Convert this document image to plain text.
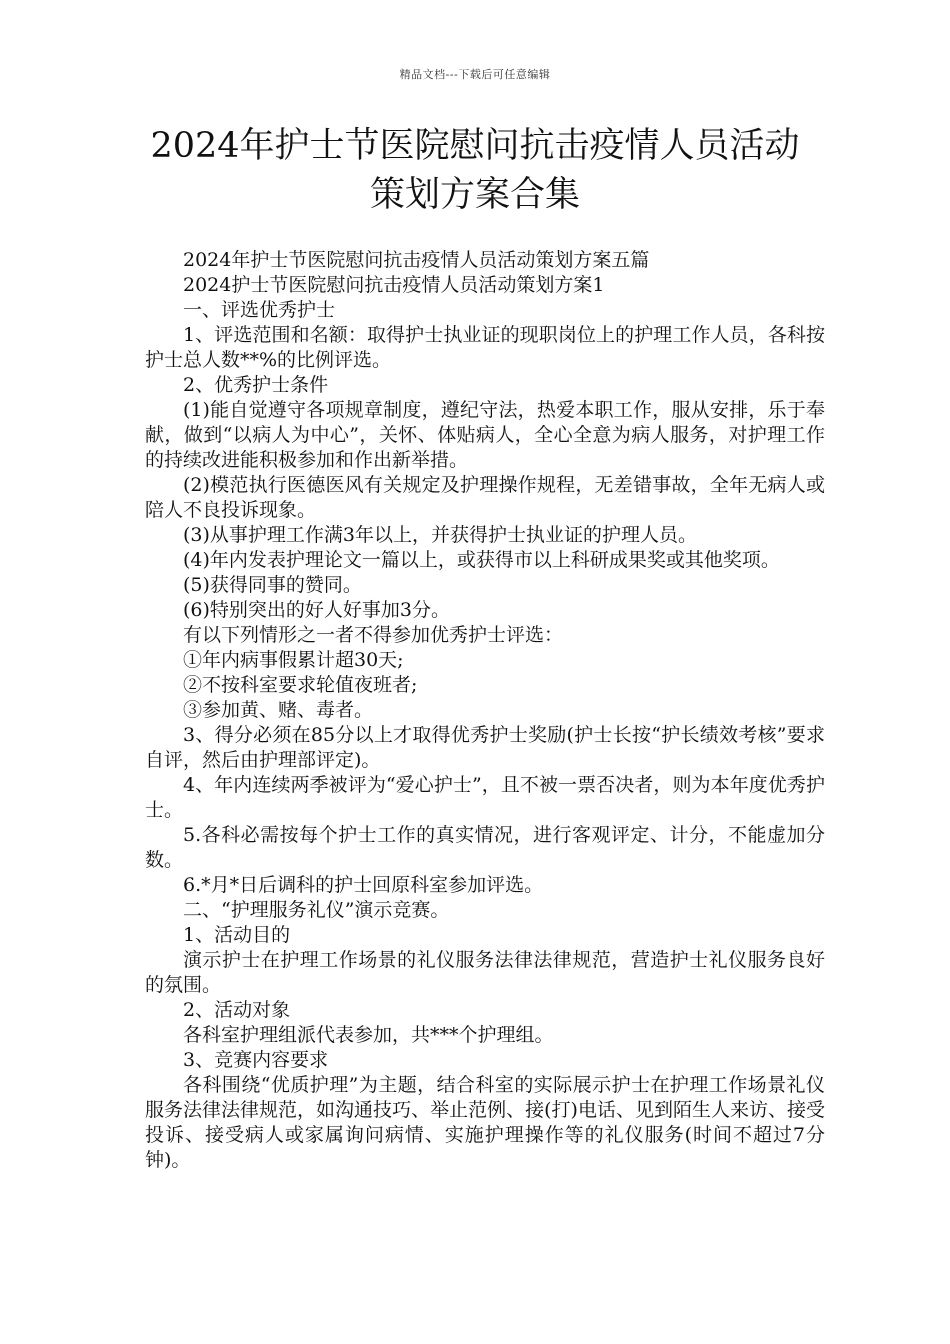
精品文档---下载后可任意编辑
2024年护士节医院慰问抗击疫情人员活动
策划方案合集

2024年护士节医院慰问抗击疫情人员活动策划方案五篇

2024护士节医院慰问抗击疫情人员活动策划方案1

一、评选优秀护士

1、评选范围和名额：取得护士执业证的现职岗位上的护理工作人员，各科按护士总人数**%的比例评选。

2、优秀护士条件

(1)能自觉遵守各项规章制度，遵纪守法，热爱本职工作，服从安排，乐于奉献，做到“以病人为中心”，关怀、体贴病人，全心全意为病人服务，对护理工作的持续改进能积极参加和作出新举措。

(2)模范执行医德医风有关规定及护理操作规程，无差错事故，全年无病人或陪人不良投诉现象。

(3)从事护理工作满3年以上，并获得护士执业证的护理人员。

(4)年内发表护理论文一篇以上，或获得市以上科研成果奖或其他奖项。

(5)获得同事的赞同。

(6)特别突出的好人好事加3分。

有以下列情形之一者不得参加优秀护士评选：

①年内病事假累计超30天;

②不按科室要求轮值夜班者;

③参加黄、赌、毒者。

3、得分必须在85分以上才取得优秀护士奖励(护士长按“护长绩效考核”要求自评，然后由护理部评定)。

4、年内连续两季被评为“爱心护士”，且不被一票否决者，则为本年度优秀护士。

5.各科必需按每个护士工作的真实情况，进行客观评定、计分，不能虚加分数。

6.*月*日后调科的护士回原科室参加评选。

二、“护理服务礼仪”演示竞赛。

1、活动目的

演示护士在护理工作场景的礼仪服务法律法律规范，营造护士礼仪服务良好的氛围。

2、活动对象

各科室护理组派代表参加，共***个护理组。

3、竞赛内容要求

各科围绕“优质护理”为主题，结合科室的实际展示护士在护理工作场景礼仪服务法律法律规范，如沟通技巧、举止范例、接(打)电话、见到陌生人来访、接受投诉、接受病人或家属询问病情、实施护理操作等的礼仪服务(时间不超过7分钟)。
